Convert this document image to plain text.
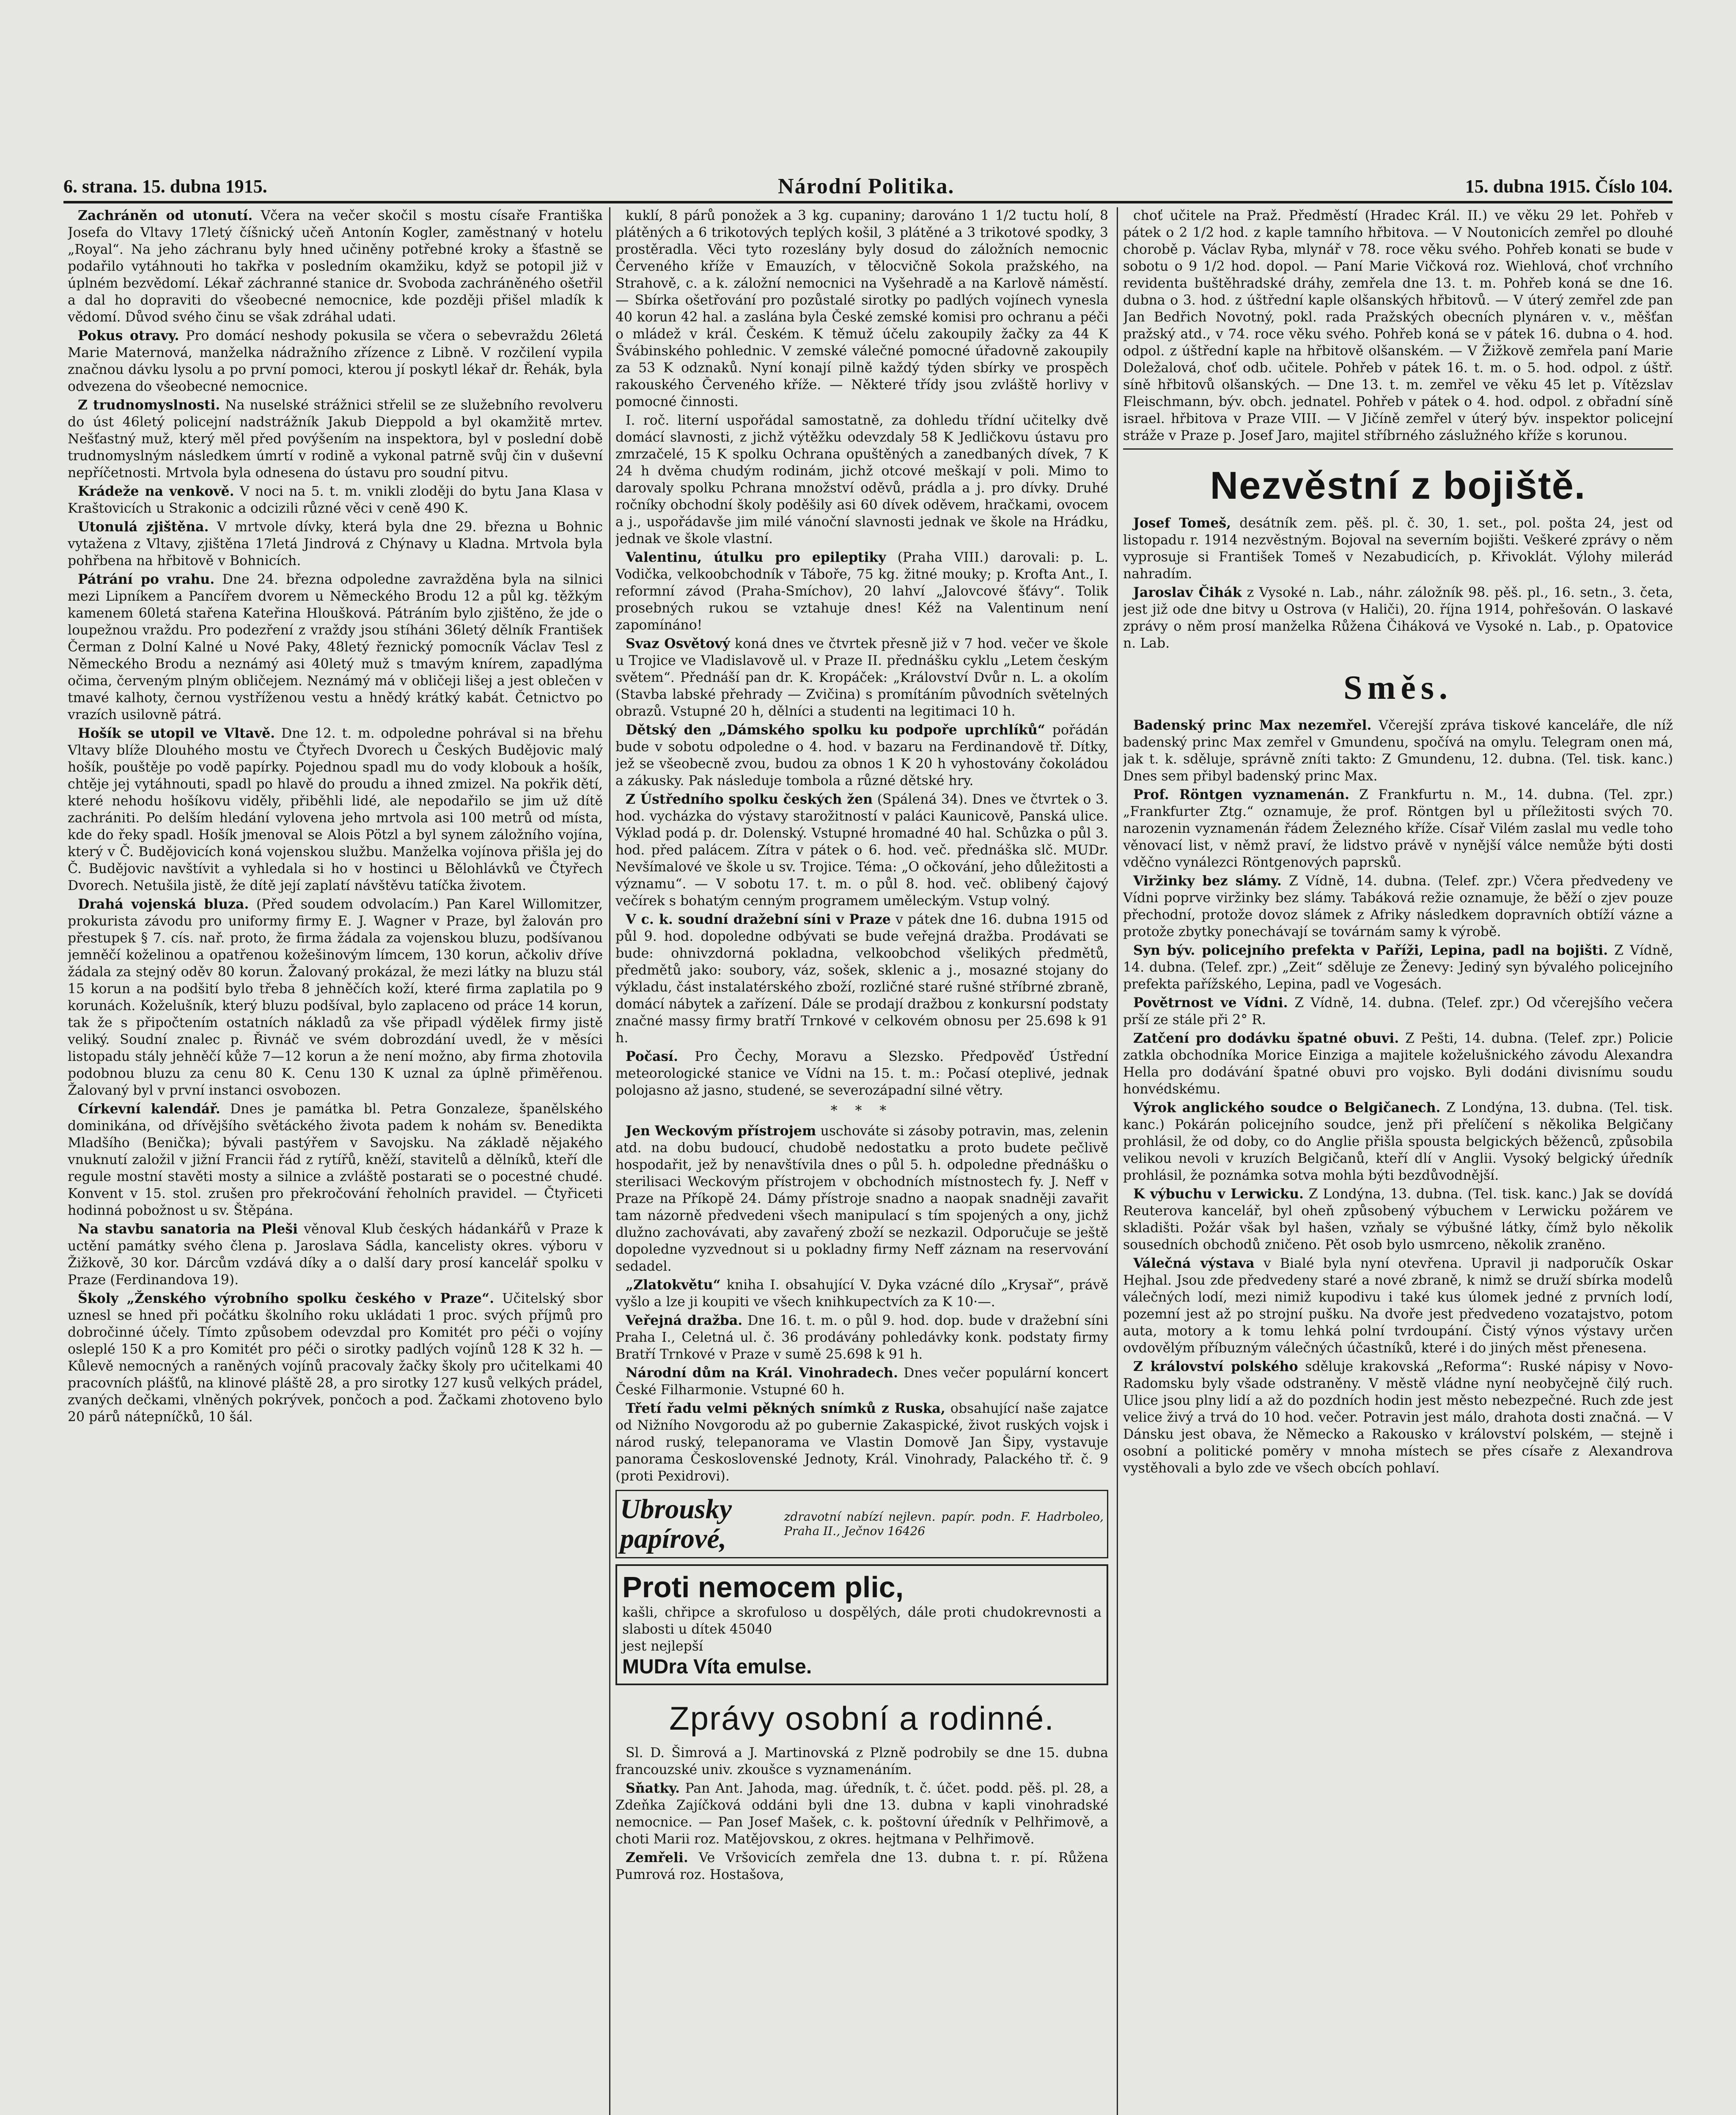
6. strana. 15. dubna 1915.	Národní Politika.	15. dubna 1915. Číslo 104.

Zachráněn od utonutí. Včera na večer skočil s mostu císaře Františka Josefa do Vltavy 17letý číšnický učeň Antonín Kogler, zaměstnaný v hotelu „Royal“. Na jeho záchranu byly hned učiněny potřebné kroky a šťastně se podařilo vytáhnouti ho takřka v posledním okamžiku, když se potopil již v úplném bezvědomí. Lékař záchranné stanice dr. Svoboda zachráněného ošetřil a dal ho dopraviti do všeobecné nemocnice, kde později přišel mladík k vědomí. Důvod svého činu se však zdráhal udati.

Pokus otravy. Pro domácí neshody pokusila se včera o sebevraždu 26letá Marie Maternová, manželka nádražního zřízence z Libně. V rozčilení vypila značnou dávku lysolu a po první pomoci, kterou jí poskytl lékař dr. Řehák, byla odvezena do všeobecné nemocnice.

Z trudnomyslnosti. Na nuselské strážnici střelil se ze služebního revolveru do úst 46letý policejní nadstrážník Jakub Dieppold a byl okamžitě mrtev. Nešťastný muž, který měl před povýšením na inspektora, byl v poslední době trudnomyslným následkem úmrtí v rodině a vykonal patrně svůj čin v duševní nepříčetnosti. Mrtvola byla odnesena do ústavu pro soudní pitvu.

Krádeže na venkově. V noci na 5. t. m. vnikli zloději do bytu Jana Klasa v Kraštovicích u Strakonic a odcizili různé věci v ceně 490 K.

Utonulá zjištěna. V mrtvole dívky, která byla dne 29. března u Bohnic vytažena z Vltavy, zjištěna 17letá Jindrová z Chýnavy u Kladna. Mrtvola byla pohřbena na hřbitově v Bohnicích.

Pátrání po vrahu. Dne 24. března odpoledne zavražděna byla na silnici mezi Lipníkem a Pancířem dvorem u Německého Brodu 12 a půl kg. těžkým kamenem 60letá stařena Kateřina Hloušková. Pátráním bylo zjištěno, že jde o loupežnou vraždu. Pro podezření z vraždy jsou stíháni 36letý dělník František Čerman z Dolní Kalné u Nové Paky, 48letý řeznický pomocník Václav Tesl z Německého Brodu a neznámý asi 40letý muž s tmavým knírem, zapadlýma očima, červeným plným obličejem. Neznámý má v obličeji lišej a jest oblečen v tmavé kalhoty, černou vystříženou vestu a hnědý krátký kabát. Četnictvo po vrazích usilovně pátrá.

Hošík se utopil ve Vltavě. Dne 12. t. m. odpoledne pohrával si na břehu Vltavy blíže Dlouhého mostu ve Čtyřech Dvorech u Českých Budějovic malý hošík, pouštěje po vodě papírky. Pojednou spadl mu do vody klobouk a hošík, chtěje jej vytáhnouti, spadl po hlavě do proudu a ihned zmizel. Na pokřik dětí, které nehodu hošíkovu viděly, přiběhli lidé, ale nepodařilo se jim už dítě zachrániti. Po delším hledání vylovena jeho mrtvola asi 100 metrů od místa, kde do řeky spadl. Hošík jmenoval se Alois Pötzl a byl synem záložního vojína, který v Č. Budějovicích koná vojenskou službu. Manželka vojínova přišla jej do Č. Budějovic navštívit a vyhledala si ho v hostinci u Bělohlávků ve Čtyřech Dvorech. Netušila jistě, že dítě její zaplatí návštěvu tatíčka životem.

Drahá vojenská bluza. (Před soudem odvolacím.) Pan Karel Willomitzer, prokurista závodu pro uniformy firmy E. J. Wagner v Praze, byl žalován pro přestupek § 7. cís. nař. proto, že firma žádala za vojenskou bluzu, podšívanou jemněčí koželinou a opatřenou kožešinovým límcem, 130 korun, ačkoliv dříve žádala za stejný oděv 80 korun. Žalovaný prokázal, že mezi látky na bluzu stál 15 korun a na podšití bylo třeba 8 jehněčích koží, které firma zaplatila po 9 korunách. Koželušník, který bluzu podšíval, bylo zaplaceno od práce 14 korun, tak že s připočtením ostatních nákladů za vše připadl výdělek firmy jistě veliký. Soudní znalec p. Řivnáč ve svém dobrozdání uvedl, že v měsíci listopadu stály jehněčí kůže 7—12 korun a že není možno, aby firma zhotovila podobnou bluzu za cenu 80 K. Cenu 130 K uznal za úplně přiměřenou. Žalovaný byl v první instanci osvobozen.

Církevní kalendář. Dnes je památka bl. Petra Gonzaleze, španělského dominikána, od dřívějšího světáckého života padem k nohám sv. Benedikta Mladšího (Benička); bývali pastýřem v Savojsku. Na základě nějakého vnuknutí založil v jižní Francii řád z rytířů, kněží, stavitelů a dělníků, kteří dle regule mostní stavěti mosty a silnice a zvláště postarati se o pocestné chudé. Konvent v 15. stol. zrušen pro překročování řeholních pravidel. — Čtyřiceti hodinná pobožnost u sv. Štěpána.

Na stavbu sanatoria na Pleši věnoval Klub českých hádankářů v Praze k uctění památky svého člena p. Jaroslava Sádla, kancelisty okres. výboru v Žižkově, 30 kor. Dárcům vzdává díky a o další dary prosí kancelář spolku v Praze (Ferdinandova 19).

Školy „Ženského výrobního spolku českého v Praze“. Učitelský sbor uznesl se hned při počátku školního roku ukládati 1 proc. svých příjmů pro dobročinné účely. Tímto způsobem odevzdal pro Komitét pro péči o vojíny osleplé 150 K a pro Komitét pro péči o sirotky padlých vojínů 128 K 32 h. — Kůlevě nemocných a raněných vojínů pracovaly žačky školy pro učitelkami 40 pracovních plášťů, na klinové pláště 28, a pro sirotky 127 kusů velkých prádel, zvaných dečkami, vlněných pokrývek, pončoch a pod. Žačkami zhotoveno bylo 20 párů nátepníčků, 10 šál.

kuklí, 8 párů ponožek a 3 kg. cupaniny; darováno 1 1/2 tuctu holí, 8 plátěných a 6 trikotových teplých košil, 3 plátěné a 3 trikotové spodky, 3 prostěradla. Věci tyto rozeslány byly dosud do záložních nemocnic Červeného kříže v Emauzích, v tělocvičně Sokola pražského, na Strahově, c. a k. záložní nemocnici na Vyšehradě a na Karlově náměstí. — Sbírka ošetřování pro pozůstalé sirotky po padlých vojínech vynesla 40 korun 42 hal. a zaslána byla České zemské komisi pro ochranu a péči o mládež v král. Českém. K těmuž účelu zakoupily žačky za 44 K Švábinského pohlednic. V zemské válečné pomocné úřadovně zakoupily za 53 K odznaků. Nyní konají pilně každý týden sbírky ve prospěch rakouského Červeného kříže. — Některé třídy jsou zvláště horlivy v pomocné činnosti.

I. roč. literní uspořádal samostatně, za dohledu třídní učitelky dvě domácí slavnosti, z jichž výtěžku odevzdaly 58 K Jedličkovu ústavu pro zmrzačelé, 15 K spolku Ochrana opuštěných a zanedbaných dívek, 7 K 24 h dvěma chudým rodinám, jichž otcové meškají v poli. Mimo to darovaly spolku Pchrana množství oděvů, prádla a j. pro dívky. Druhé ročníky obchodní školy poděšily asi 60 dívek oděvem, hračkami, ovocem a j., uspořádavše jim milé vánoční slavnosti jednak ve škole na Hrádku, jednak ve škole vlastní.

Valentinu, útulku pro epileptiky (Praha VIII.) darovali: p. L. Vodička, velkoobchodník v Táboře, 75 kg. žitné mouky; p. Krofta Ant., I. reformní závod (Praha-Smíchov), 20 lahví „Jalovcové šťávy“. Tolik prosebných rukou se vztahuje dnes! Kéž na Valentinum není zapomínáno!

Svaz Osvětový koná dnes ve čtvrtek přesně již v 7 hod. večer ve škole u Trojice ve Vladislavově ul. v Praze II. přednášku cyklu „Letem českým světem“. Přednáší pan dr. K. Kropáček: „Království Dvůr n. L. a okolím (Stavba labské přehrady — Zvičina) s promítáním původních světelných obrazů. Vstupné 20 h, dělníci a studenti na legitimaci 10 h.

Dětský den „Dámského spolku ku podpoře uprchlíků“ pořádán bude v sobotu odpoledne o 4. hod. v bazaru na Ferdinandově tř. Dítky, jež se všeobecně zvou, budou za obnos 1 K 20 h vyhostovány čokoládou a zákusky. Pak následuje tombola a různé dětské hry.

Z Ústředního spolku českých žen (Spálená 34). Dnes ve čtvrtek o 3. hod. vycházka do výstavy starožitností v paláci Kaunicově, Panská ulice. Výklad podá p. dr. Dolenský. Vstupné hromadné 40 hal. Schůzka o půl 3. hod. před palácem. Zítra v pátek o 6. hod. več. přednáška slč. MUDr. Nevšímalové ve škole u sv. Trojice. Téma: „O očkování, jeho důležitosti a významu“. — V sobotu 17. t. m. o půl 8. hod. več. oblibený čajový večírek s bohatým cenným programem uměleckým. Vstup volný.

V c. k. soudní dražební síni v Praze v pátek dne 16. dubna 1915 od půl 9. hod. dopoledne odbývati se bude veřejná dražba. Prodávati se bude: ohnivzdorná pokladna, velkoobchod všelikých předmětů, předmětů jako: soubory, váz, sošek, sklenic a j., mosazné stojany do výkladu, část instalatérského zboží, rozličné staré rušné stříbrné zbraně, domácí nábytek a zařízení. Dále se prodají dražbou z konkursní podstaty značné massy firmy bratří Trnkové v celkovém obnosu per 25.698 k 91 h.

Počasí. Pro Čechy, Moravu a Slezsko. Předpověď Ústřední meteorologické stanice ve Vídni na 15. t. m.: Počasí oteplivé, jednak polojasno až jasno, studené, se severozápadní silné větry.

* * *

Jen Weckovým přístrojem uschováte si zásoby potravin, mas, zelenin atd. na dobu budoucí, chudobě nedostatku a proto budete pečlivě hospodařit, jež by nenavštívila dnes o půl 5. h. odpoledne přednášku o sterilisaci Weckovým přístrojem v obchodních místnostech fy. J. Neff v Praze na Příkopě 24. Dámy přístroje snadno a naopak snadněji zavařit tam názorně předvedeni všech manipulací s tím spojených a ony, jichž dlužno zachovávati, aby zavařený zboží se nezkazil. Odporučuje se ještě dopoledne vyzvednout si u pokladny firmy Neff záznam na reservování sedadel.

„Zlatokvětu“ kniha I. obsahující V. Dyka vzácné dílo „Krysař“, právě vyšlo a lze ji koupiti ve všech knihkupectvích za K 10·—.

Veřejná dražba. Dne 16. t. m. o půl 9. hod. dop. bude v dražební síni Praha I., Celetná ul. č. 36 prodávány pohledávky konk. podstaty firmy Bratří Trnkové v Praze v sumě 25.698 k 91 h.

Národní dům na Král. Vinohradech. Dnes večer populární koncert České Filharmonie. Vstupné 60 h.

Třetí řadu velmi pěkných snímků z Ruska, obsahující naše zajatce od Nižního Novgorodu až po gubernie Zakaspické, život ruských vojsk i národ ruský, telepanorama ve Vlastin Domově Jan Šipy, vystavuje panorama Československé Jednoty, Král. Vinohrady, Palackého tř. č. 9 (proti Pexidrovi).

Ubrousky papírové,
zdravotní nabízí nejlevn. papír. podn. F. Hadrboleo, Praha II., Ječnov 16426
Proti nemocem plic,
kašli, chřipce a skrofuloso u dospělých, dále proti chudokrevnosti a slabosti u dítek 45040
jest nejlepší
MUDra Víta emulse.
Zprávy osobní a rodinné.

Sl. D. Šimrová a J. Martinovská z Plzně podrobily se dne 15. dubna francouzské univ. zkoušce s vyznamenáním.

Sňatky. Pan Ant. Jahoda, mag. úředník, t. č. účet. podd. pěš. pl. 28, a Zdeňka Zajíčková oddáni byli dne 13. dubna v kapli vinohradské nemocnice. — Pan Josef Mašek, c. k. poštovní úředník v Pelhřimově, a choti Marii roz. Matějovskou, z okres. hejtmana v Pelhřimově.

Zemřeli. Ve Vršovicích zemřela dne 13. dubna t. r. pí. Růžena Pumrová roz. Hostašova,

choť učitele na Praž. Předměstí (Hradec Král. II.) ve věku 29 let. Pohřeb v pátek o 2 1/2 hod. z kaple tamního hřbitova. — V Noutonicích zemřel po dlouhé chorobě p. Václav Ryba, mlynář v 78. roce věku svého. Pohřeb konati se bude v sobotu o 9 1/2 hod. dopol. — Paní Marie Vičková roz. Wiehlová, choť vrchního revidenta buštěhradské dráhy, zemřela dne 13. t. m. Pohřeb koná se dne 16. dubna o 3. hod. z úštřední kaple olšanských hřbitovů. — V úterý zemřel zde pan Jan Bedřich Novotný, pokl. rada Pražských obecních plynáren v. v., měšťan pražský atd., v 74. roce věku svého. Pohřeb koná se v pátek 16. dubna o 4. hod. odpol. z úštřední kaple na hřbitově olšanském. — V Žižkově zemřela paní Marie Doležalová, choť odb. učitele. Pohřeb v pátek 16. t. m. o 5. hod. odpol. z úštř. síně hřbitovů olšanských. — Dne 13. t. m. zemřel ve věku 45 let p. Vítězslav Fleischmann, býv. obch. jednatel. Pohřeb v pátek o 4. hod. odpol. z obřadní síně israel. hřbitova v Praze VIII. — V Jičíně zemřel v úterý býv. inspektor policejní stráže v Praze p. Josef Jaro, majitel stříbrného záslužného kříže s korunou.

Nezvěstní z bojiště.

Josef Tomeš, desátník zem. pěš. pl. č. 30, 1. set., pol. pošta 24, jest od listopadu r. 1914 nezvěstným. Bojoval na severním bojišti. Veškeré zprávy o něm vyprosuje si František Tomeš v Nezabudicích, p. Křivoklát. Výlohy milerád nahradím.

Jaroslav Čihák z Vysoké n. Lab., náhr. záložník 98. pěš. pl., 16. setn., 3. četa, jest již ode dne bitvy u Ostrova (v Haliči), 20. října 1914, pohřešován. O laskavé zprávy o něm prosí manželka Růžena Čiháková ve Vysoké n. Lab., p. Opatovice n. Lab.

Směs.

Badenský princ Max nezemřel. Včerejší zpráva tiskové kanceláře, dle níž badenský princ Max zemřel v Gmundenu, spočívá na omylu. Telegram onen má, jak t. k. sděluje, správně zníti takto: Z Gmundenu, 12. dubna. (Tel. tisk. kanc.) Dnes sem přibyl badenský princ Max.

Prof. Röntgen vyznamenán. Z Frankfurtu n. M., 14. dubna. (Tel. zpr.) „Frankfurter Ztg.“ oznamuje, že prof. Röntgen byl u příležitosti svých 70. narozenin vyznamenán řádem Železného kříže. Císař Vilém zaslal mu vedle toho věnovací list, v němž praví, že lidstvo právě v nynější válce nemůže býti dosti vděčno vynálezci Röntgenových paprsků.

Viržinky bez slámy. Z Vídně, 14. dubna. (Telef. zpr.) Včera předvedeny ve Vídni poprve viržinky bez slámy. Tabáková režie oznamuje, že běží o zjev pouze přechodní, protože dovoz slámek z Afriky následkem dopravních obtíží vázne a protože zbytky ponechávají se továrnám samy k výrobě.

Syn býv. policejního prefekta v Paříži, Lepina, padl na bojišti. Z Vídně, 14. dubna. (Telef. zpr.) „Zeit“ sděluje ze Ženevy: Jediný syn bývalého policejního prefekta pařížského, Lepina, padl ve Vogesách.

Povětrnost ve Vídni. Z Vídně, 14. dubna. (Telef. zpr.) Od včerejšího večera prší ze stále při 2° R.

Zatčení pro dodávku špatné obuvi. Z Pešti, 14. dubna. (Telef. zpr.) Policie zatkla obchodníka Morice Einziga a majitele koželušnického závodu Alexandra Hella pro dodávání špatné obuvi pro vojsko. Byli dodáni divisnímu soudu honvédskému.

Výrok anglického soudce o Belgičanech. Z Londýna, 13. dubna. (Tel. tisk. kanc.) Pokárán policejního soudce, jenž při přelíčení s několika Belgičany prohlásil, že od doby, co do Anglie přišla spousta belgických běženců, způsobila velikou nevoli v kruzích Belgičanů, kteří dlí v Anglii. Vysoký belgický úředník prohlásil, že poznámka sotva mohla býti bezdůvodnější.

K výbuchu v Lerwicku. Z Londýna, 13. dubna. (Tel. tisk. kanc.) Jak se dovídá Reuterova kancelář, byl oheň způsobený výbuchem v Lerwicku požárem ve skladišti. Požár však byl hašen, vzňaly se výbušné látky, čímž bylo několik sousedních obchodů zničeno. Pět osob bylo usmrceno, několik zraněno.

Válečná výstava v Bialé byla nyní otevřena. Upravil ji nadporučík Oskar Hejhal. Jsou zde předvedeny staré a nové zbraně, k nimž se druží sbírka modelů válečných lodí, mezi nimiž kupodivu i také kus úlomek jedné z prvních lodí, pozemní jest až po strojní pušku. Na dvoře jest předvedeno vozatajstvo, potom auta, motory a k tomu lehká polní tvrdoupání. Čistý výnos výstavy určen ovdovělým příbuzným válečných účastníků, které i do jiných měst přenesena.

Z království polského sděluje krakovská „Reforma“: Ruské nápisy v Novo-Radomsku byly všade odstraněny. V městě vládne nyní neobyčejně čilý ruch. Ulice jsou plny lidí a až do pozdních hodin jest město nebezpečné. Ruch zde jest velice živý a trvá do 10 hod. večer. Potravin jest málo, drahota dosti značná. — V Dánsku jest obava, že Německo a Rakousko v království polském, — stejně i osobní a politické poměry v mnoha místech se přes císaře z Alexandrova vystěhovali a bylo zde ve všech obcích pohlaví.
